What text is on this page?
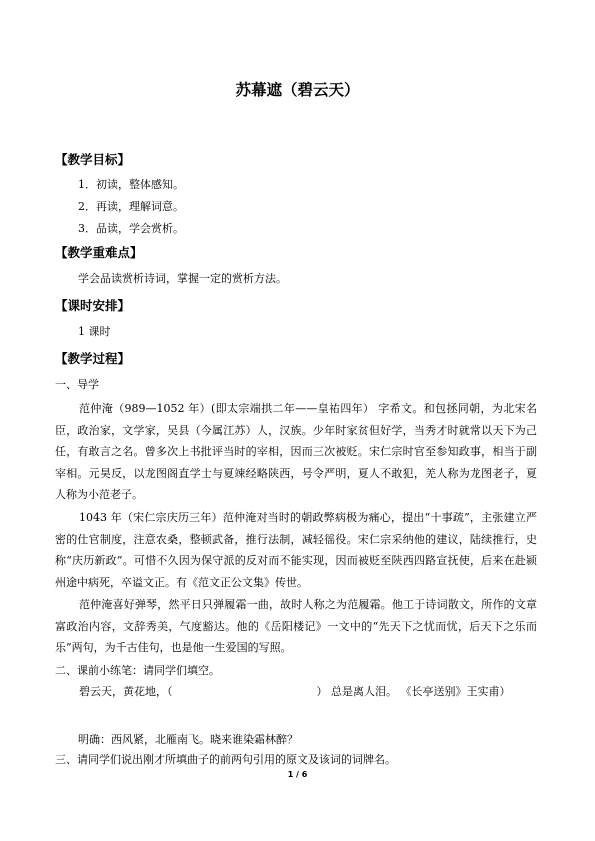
苏幕遮（碧云天）
【教学目标】
1．初读，整体感知。
2．再读，理解词意。
3．品读，学会赏析。
【教学重难点】
学会品读赏析诗词，掌握一定的赏析方法。
【课时安排】
1 课时
【教学过程】
一、导学
范仲淹（989—1052 年）(即太宗端拱二年——皇祐四年） 字希文。和包拯同朝，为北宋名臣，政治家，文学家，吴县（今属江苏）人，汉族。少年时家贫但好学，当秀才时就常以天下为己任，有敢言之名。曾多次上书批评当时的宰相，因而三次被贬。宋仁宗时官至参知政事，相当于副宰相。元昊反，以龙图阁直学士与夏竦经略陕西，号令严明，夏人不敢犯，羌人称为龙图老子，夏人称为小范老子。
1043 年（宋仁宗庆历三年）范仲淹对当时的朝政弊病极为痛心，提出“十事疏”，主张建立严密的仕官制度，注意农桑，整顿武备，推行法制，减轻徭役。宋仁宗采纳他的建议，陆续推行，史称“庆历新政”。可惜不久因为保守派的反对而不能实现，因而被贬至陕西四路宣抚使，后来在赴颍州途中病死，卒谥文正。有《范文正公文集》传世。
范仲淹喜好弹琴，然平日只弹履霜一曲，故时人称之为范履霜。他工于诗词散文，所作的文章富政治内容，文辞秀美，气度豁达。他的《岳阳楼记》一文中的“先天下之忧而忧，后天下之乐而乐”两句，为千古佳句，也是他一生爱国的写照。
二、课前小练笔：请同学们填空。
碧云天，黄花地，（	） 总是离人泪。 《长亭送别》王实甫）
明确：西风紧，北雁南飞。晓来谁染霜林醉？
三、请同学们说出刚才所填曲子的前两句引用的原文及该词的词牌名。
1 / 6
